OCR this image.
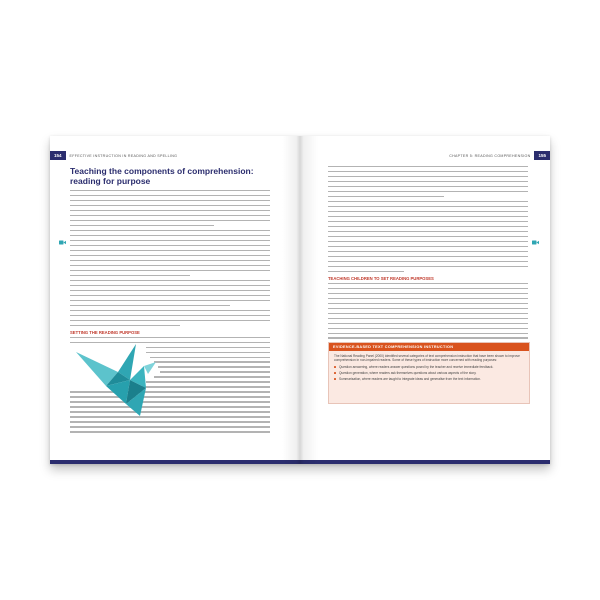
154	EFFECTIVE INSTRUCTION IN READING AND SPELLING
Teaching the components of comprehension: reading for purpose
SETTING THE READING PURPOSE
CHAPTER 5: READING COMPREHENSION	155
TEACHING CHILDREN TO SET READING PURPOSES
EVIDENCE-BASED TEXT COMPREHENSION INSTRUCTION
The National Reading Panel (2000) identified several categories of text comprehension instruction that have been shown to improve comprehension in non-impaired readers. Some of these types of instruction more concerned with reading purposes:
Question answering, where readers answer questions posed by the teacher and receive immediate feedback.
Question generation, where readers ask themselves questions about various aspects of the story.
Summarisation, where readers are taught to integrate ideas and generalise from the text information.
